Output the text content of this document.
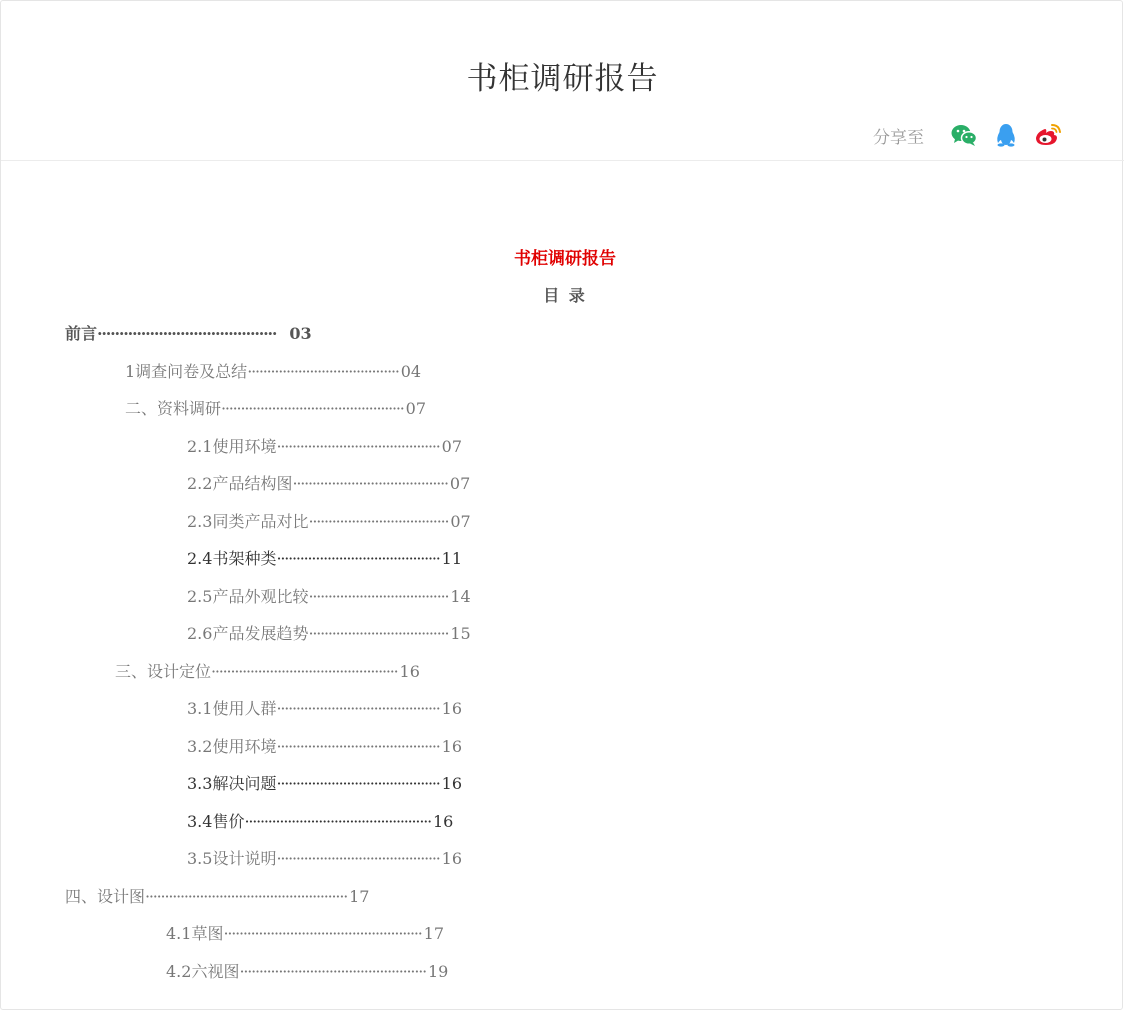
书柜调研报告
分享至
书柜调研报告
目 录
前言·········································  03
1调查问卷及总结······································· 04
二、资料调研··············································· 07
2.1使用环境·········································· 07
2.2产品结构图········································ 07
2.3同类产品对比···································· 07
2.4书架种类·········································· 11
2.5产品外观比较···································· 14
2.6产品发展趋势···································· 15
三、设计定位················································ 16
3.1使用人群·········································· 16
3.2使用环境·········································· 16
3.3解决问题·········································· 16
3.4售价················································ 16
3.5设计说明·········································· 16
四、设计图···················································· 17
4.1草图··················································· 17
4.2六视图················································ 19
